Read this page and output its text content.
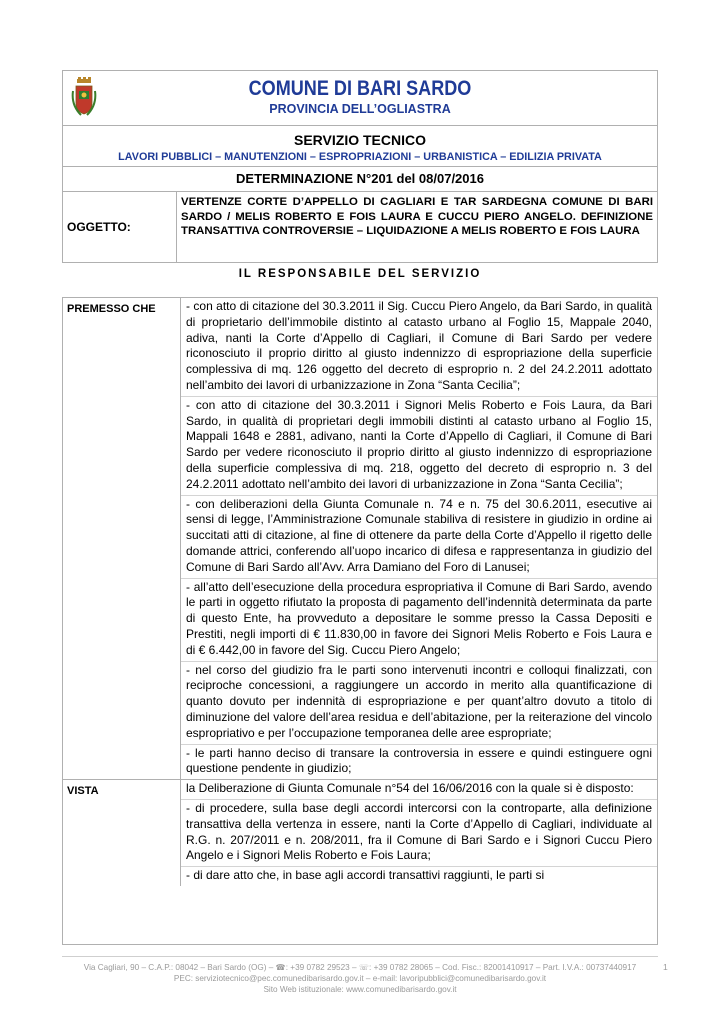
COMUNE DI BARI SARDO
PROVINCIA DELL’OGLIASTRA
SERVIZIO TECNICO
LAVORI PUBBLICI – MANUTENZIONI – ESPROPRIAZIONI – URBANISTICA – EDILIZIA PRIVATA
DETERMINAZIONE N°201 del 08/07/2016
OGGETTO:
VERTENZE CORTE D’APPELLO DI CAGLIARI E TAR SARDEGNA COMUNE DI BARI SARDO / MELIS ROBERTO E FOIS LAURA E CUCCU PIERO ANGELO. DEFINIZIONE TRANSATTIVA CONTROVERSIE – LIQUIDAZIONE A MELIS ROBERTO E FOIS LAURA
IL RESPONSABILE DEL SERVIZIO
PREMESSO CHE	- con atto di citazione del 30.3.2011 il Sig. Cuccu Piero Angelo, da Bari Sardo, in qualità di proprietario dell’immobile distinto al catasto urbano al Foglio 15, Mappale 2040, adiva, nanti la Corte d’Appello di Cagliari, il Comune di Bari Sardo per vedere riconosciuto il proprio diritto al giusto indennizzo di espropriazione della superficie complessiva di mq. 126 oggetto del decreto di esproprio n. 2 del 24.2.2011 adottato nell’ambito dei lavori di urbanizzazione in Zona “Santa Cecilia”;
- con atto di citazione del 30.3.2011 i Signori Melis Roberto e Fois Laura, da Bari Sardo, in qualità di proprietari degli immobili distinti al catasto urbano al Foglio 15, Mappali 1648 e 2881, adivano, nanti la Corte d’Appello di Cagliari, il Comune di Bari Sardo per vedere riconosciuto il proprio diritto al giusto indennizzo di espropriazione della superficie complessiva di mq. 218, oggetto del decreto di esproprio n. 3 del 24.2.2011 adottato nell’ambito dei lavori di urbanizzazione in Zona “Santa Cecilia”;
- con deliberazioni della Giunta Comunale n. 74 e n. 75 del 30.6.2011, esecutive ai sensi di legge, l’Amministrazione Comunale stabiliva di resistere in giudizio in ordine ai succitati atti di citazione, al fine di ottenere da parte della Corte d’Appello il rigetto delle domande attrici, conferendo all’uopo incarico di difesa e rappresentanza in giudizio del Comune di Bari Sardo all’Avv. Arra Damiano del Foro di Lanusei;
- all’atto dell’esecuzione della procedura espropriativa il Comune di Bari Sardo, avendo le parti in oggetto rifiutato la proposta di pagamento dell’indennità determinata da parte di questo Ente, ha provveduto a depositare le somme presso la Cassa Depositi e Prestiti, negli importi di € 11.830,00 in favore dei Signori Melis Roberto e Fois Laura e di € 6.442,00 in favore del Sig. Cuccu Piero Angelo;
- nel corso del giudizio fra le parti sono intervenuti incontri e colloqui finalizzati, con reciproche concessioni, a raggiungere un accordo in merito alla quantificazione di quanto dovuto per indennità di espropriazione e per quant’altro dovuto a titolo di diminuzione del valore dell’area residua e dell’abitazione, per la reiterazione del vincolo espropriativo e per l’occupazione temporanea delle aree espropriate;
- le parti hanno deciso di transare la controversia in essere e quindi estinguere ogni questione pendente in giudizio;
VISTA	la Deliberazione di Giunta Comunale n°54 del 16/06/2016 con la quale si è disposto:
- di procedere, sulla base degli accordi intercorsi con la controparte, alla definizione transattiva della vertenza in essere, nanti la Corte d’Appello di Cagliari, individuate al R.G. n. 207/2011 e n. 208/2011, fra il Comune di Bari Sardo e i Signori Cuccu Piero Angelo e i Signori Melis Roberto e Fois Laura;
- di dare atto che, in base agli accordi transattivi raggiunti, le parti si
Via Cagliari, 90 – C.A.P.: 08042 – Bari Sardo (OG) – ☎: +39 0782 29523 – ☏: +39 0782 28065 – Cod. Fisc.: 82001410917 – Part. I.V.A.: 00737440917
PEC: serviziotecnico@pec.comunedibarisardo.gov.it – e-mail: lavoripubblici@comunedibarisardo.gov.it
Sito Web istituzionale: www.comunedibarisardo.gov.it
1
